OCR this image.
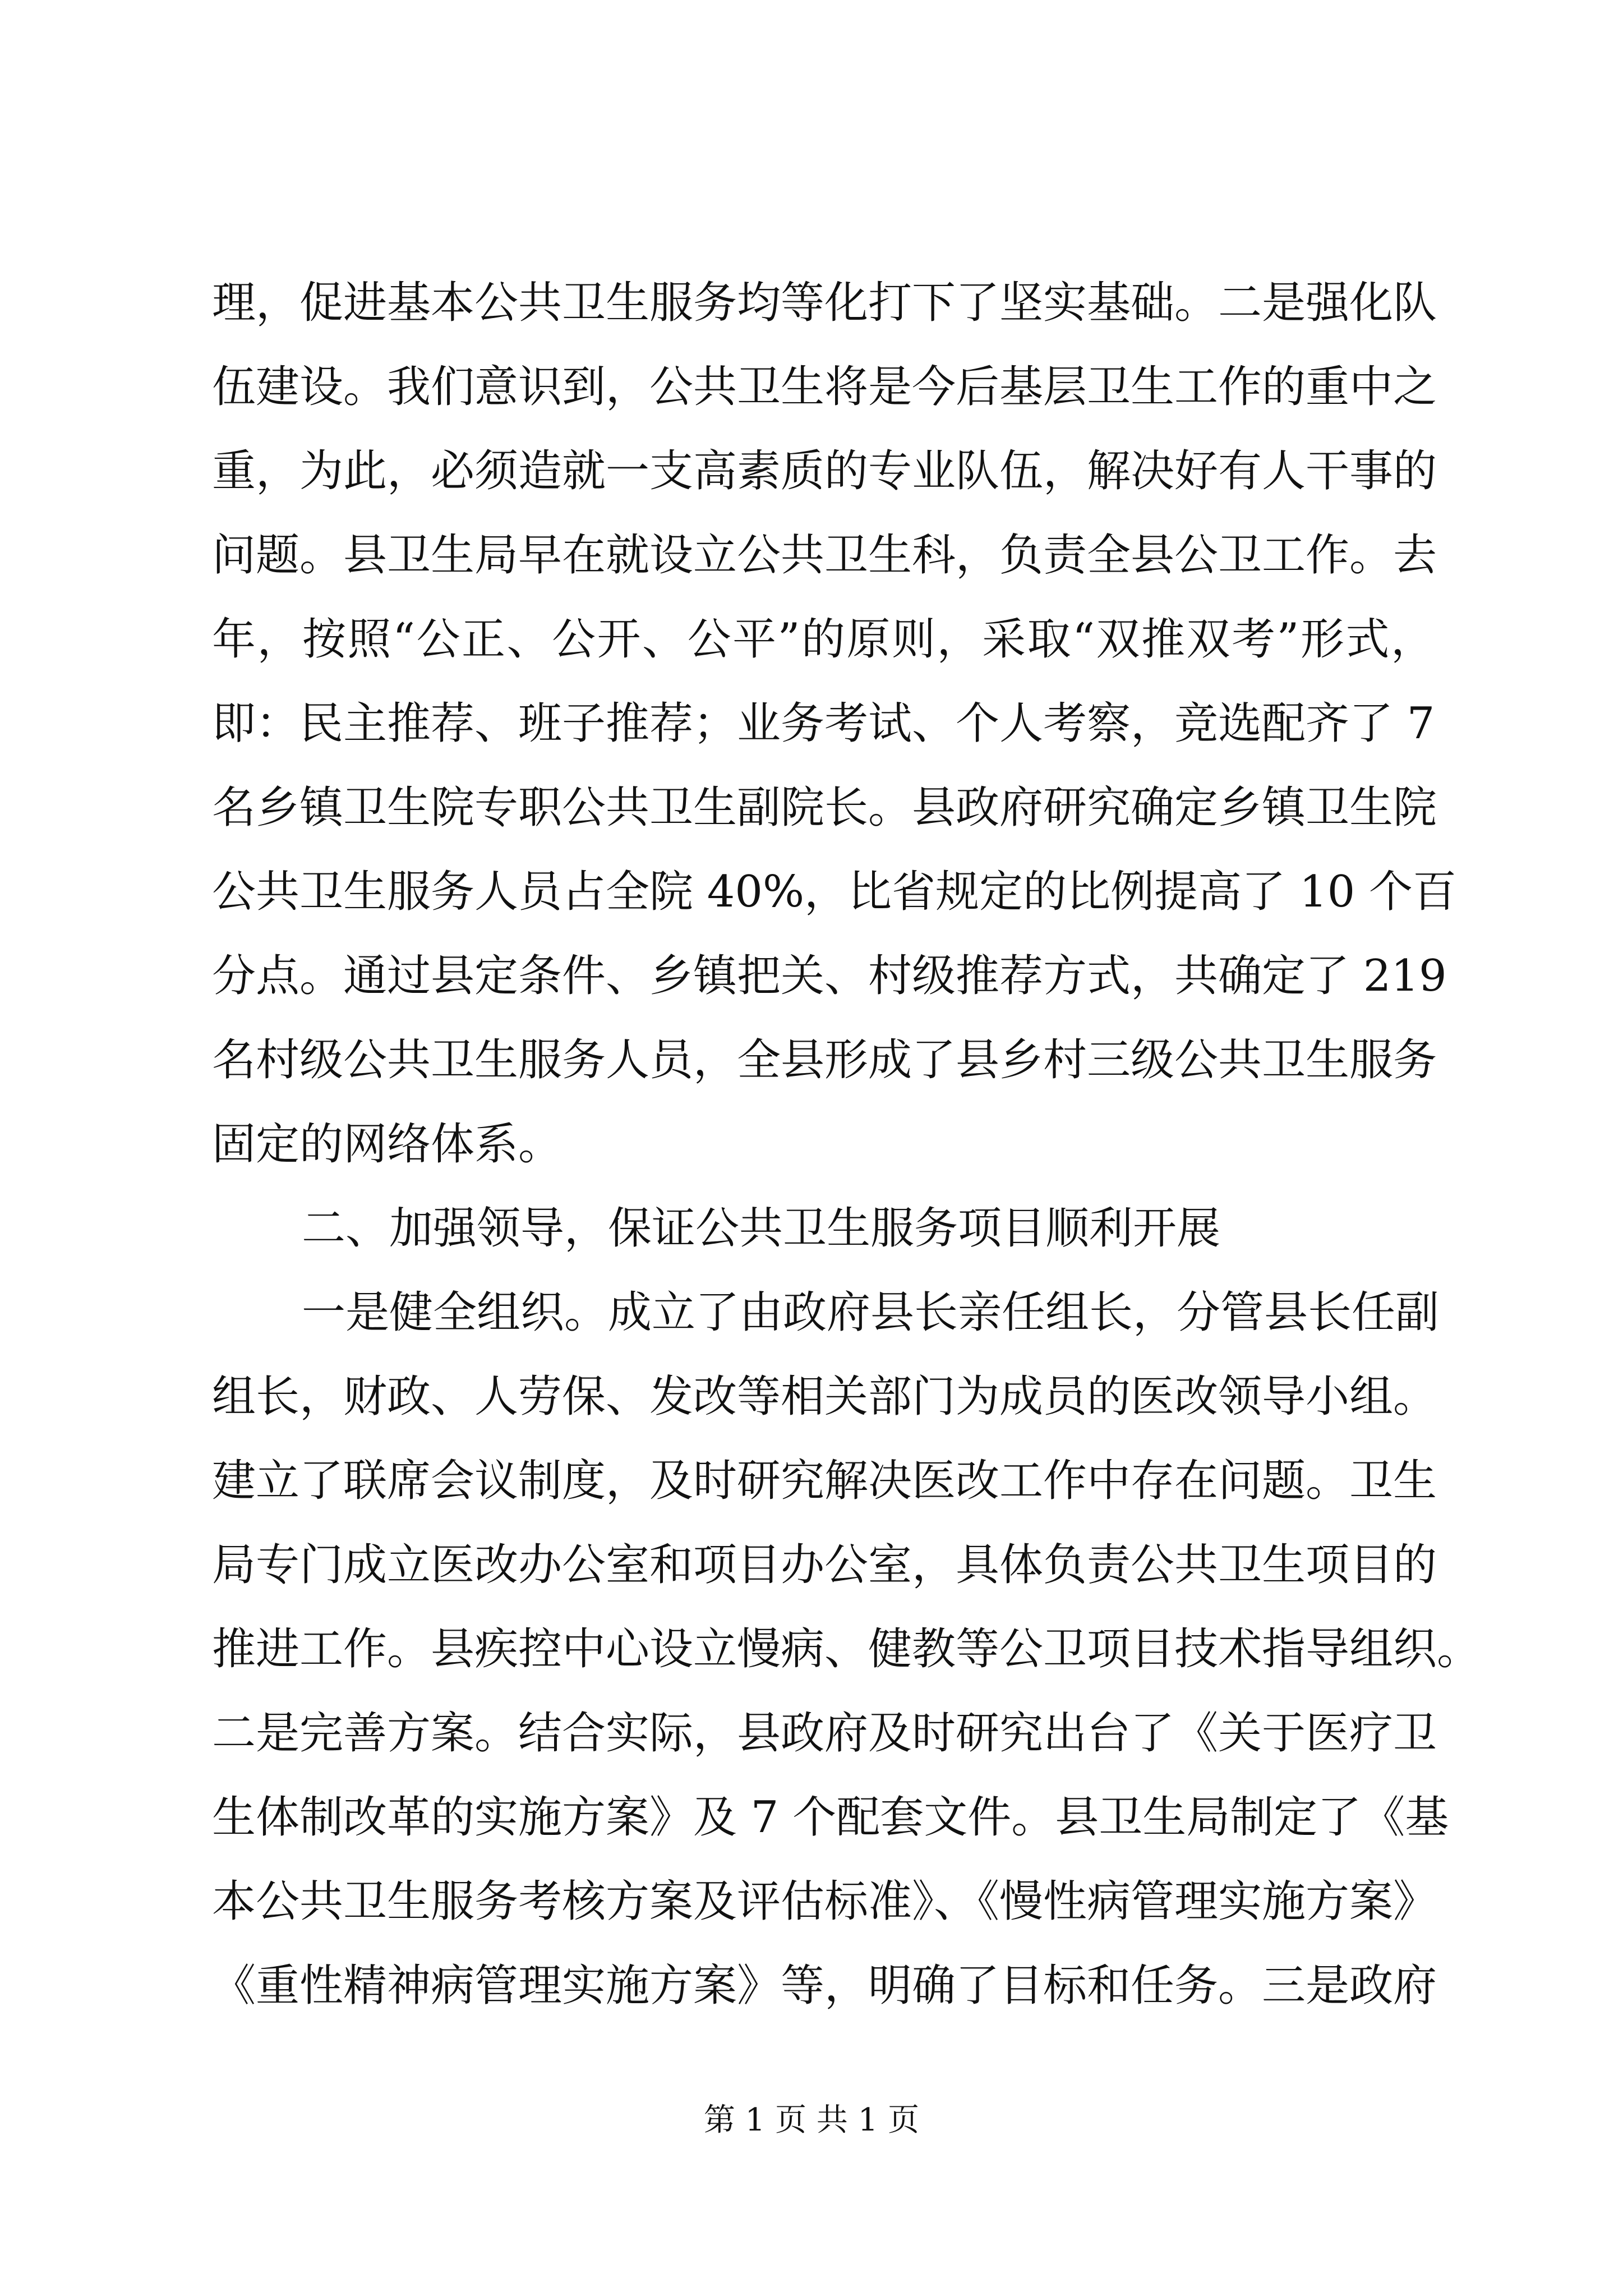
理，促进基本公共卫生服务均等化打下了坚实基础。二是强化队
伍建设。我们意识到，公共卫生将是今后基层卫生工作的重中之
重，为此，必须造就一支高素质的专业队伍，解决好有人干事的
问题。县卫生局早在就设立公共卫生科，负责全县公卫工作。去
年，按照“公正、公开、公平”的原则，采取“双推双考”形式，
即：民主推荐、班子推荐；业务考试、个人考察，竞选配齐了 7
名乡镇卫生院专职公共卫生副院长。县政府研究确定乡镇卫生院
公共卫生服务人员占全院 40%，比省规定的比例提高了 10 个百
分点。通过县定条件、乡镇把关、村级推荐方式，共确定了 219
名村级公共卫生服务人员，全县形成了县乡村三级公共卫生服务
固定的网络体系。
二、加强领导，保证公共卫生服务项目顺利开展
一是健全组织。成立了由政府县长亲任组长，分管县长任副
组长，财政、人劳保、发改等相关部门为成员的医改领导小组。
建立了联席会议制度，及时研究解决医改工作中存在问题。卫生
局专门成立医改办公室和项目办公室，具体负责公共卫生项目的
推进工作。县疾控中心设立慢病、健教等公卫项目技术指导组织。
二是完善方案。结合实际，县政府及时研究出台了《关于医疗卫
生体制改革的实施方案》及 7 个配套文件。县卫生局制定了《基
本公共卫生服务考核方案及评估标准》、《慢性病管理实施方案》
《重性精神病管理实施方案》等，明确了目标和任务。三是政府
第 1 页 共 1 页
